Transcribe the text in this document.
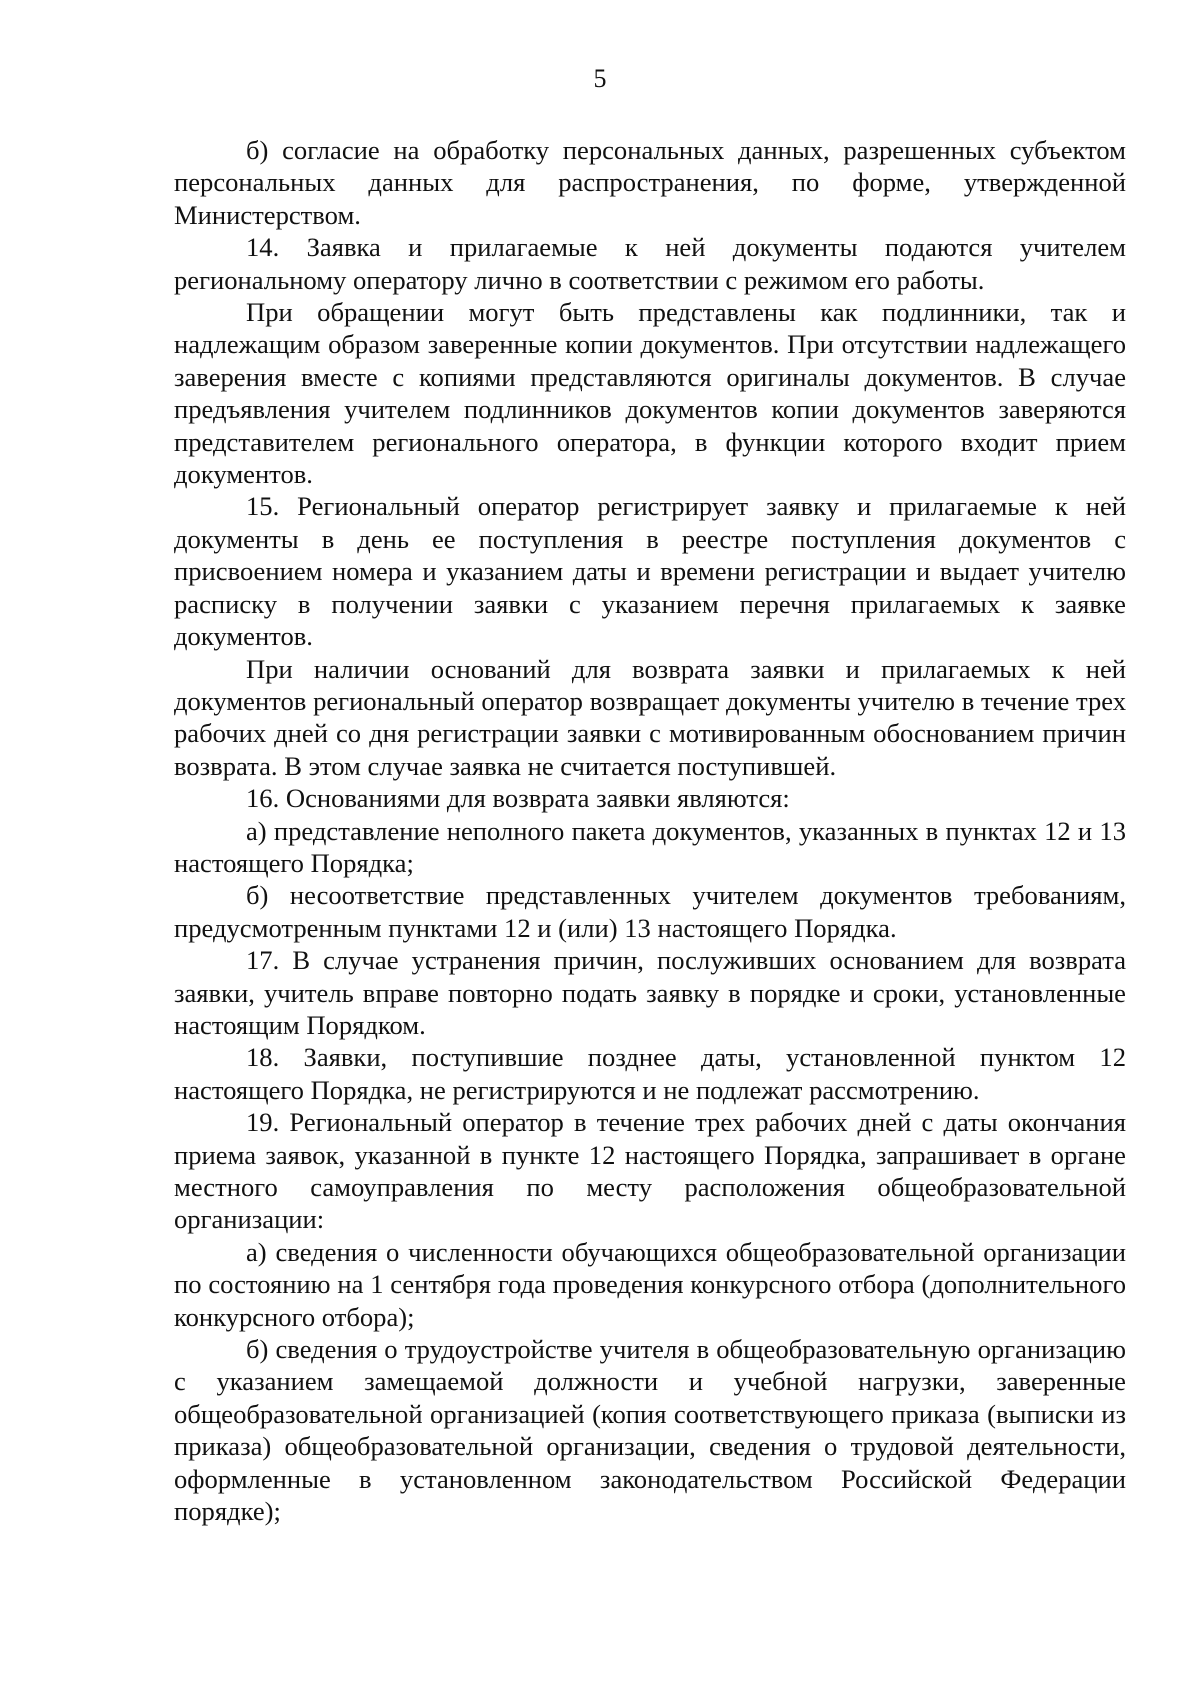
5

б) согласие на обработку персональных данных, разрешенных субъектом персональных данных для распространения, по форме, утвержденной Министерством.

14. Заявка и прилагаемые к ней документы подаются учителем региональному оператору лично в соответствии с режимом его работы.

При обращении могут быть представлены как подлинники, так и надлежащим образом заверенные копии документов. При отсутствии надлежащего заверения вместе с копиями представляются оригиналы документов. В случае предъявления учителем подлинников документов копии документов заверяются представителем регионального оператора, в функции которого входит прием документов.

15. Региональный оператор регистрирует заявку и прилагаемые к ней документы в день ее поступления в реестре поступления документов с присвоением номера и указанием даты и времени регистрации и выдает учителю расписку в получении заявки с указанием перечня прилагаемых к заявке документов.

При наличии оснований для возврата заявки и прилагаемых к ней документов региональный оператор возвращает документы учителю в течение трех рабочих дней со дня регистрации заявки с мотивированным обоснованием причин возврата. В этом случае заявка не считается поступившей.

16. Основаниями для возврата заявки являются:

а) представление неполного пакета документов, указанных в пунктах 12 и 13 настоящего Порядка;

б) несоответствие представленных учителем документов требованиям, предусмотренным пунктами 12 и (или) 13 настоящего Порядка.

17. В случае устранения причин, послуживших основанием для возврата заявки, учитель вправе повторно подать заявку в порядке и сроки, установленные настоящим Порядком.

18. Заявки, поступившие позднее даты, установленной пунктом 12 настоящего Порядка, не регистрируются и не подлежат рассмотрению.

19. Региональный оператор в течение трех рабочих дней с даты окончания приема заявок, указанной в пункте 12 настоящего Порядка, запрашивает в органе местного самоуправления по месту расположения общеобразовательной организации:

а) сведения о численности обучающихся общеобразовательной организации по состоянию на 1 сентября года проведения конкурсного отбора (дополнительного конкурсного отбора);

б) сведения о трудоустройстве учителя в общеобразовательную организацию с указанием замещаемой должности и учебной нагрузки, заверенные общеобразовательной организацией (копия соответствующего приказа (выписки из приказа) общеобразовательной организации, сведения о трудовой деятельности, оформленные в установленном законодательством Российской Федерации порядке);
